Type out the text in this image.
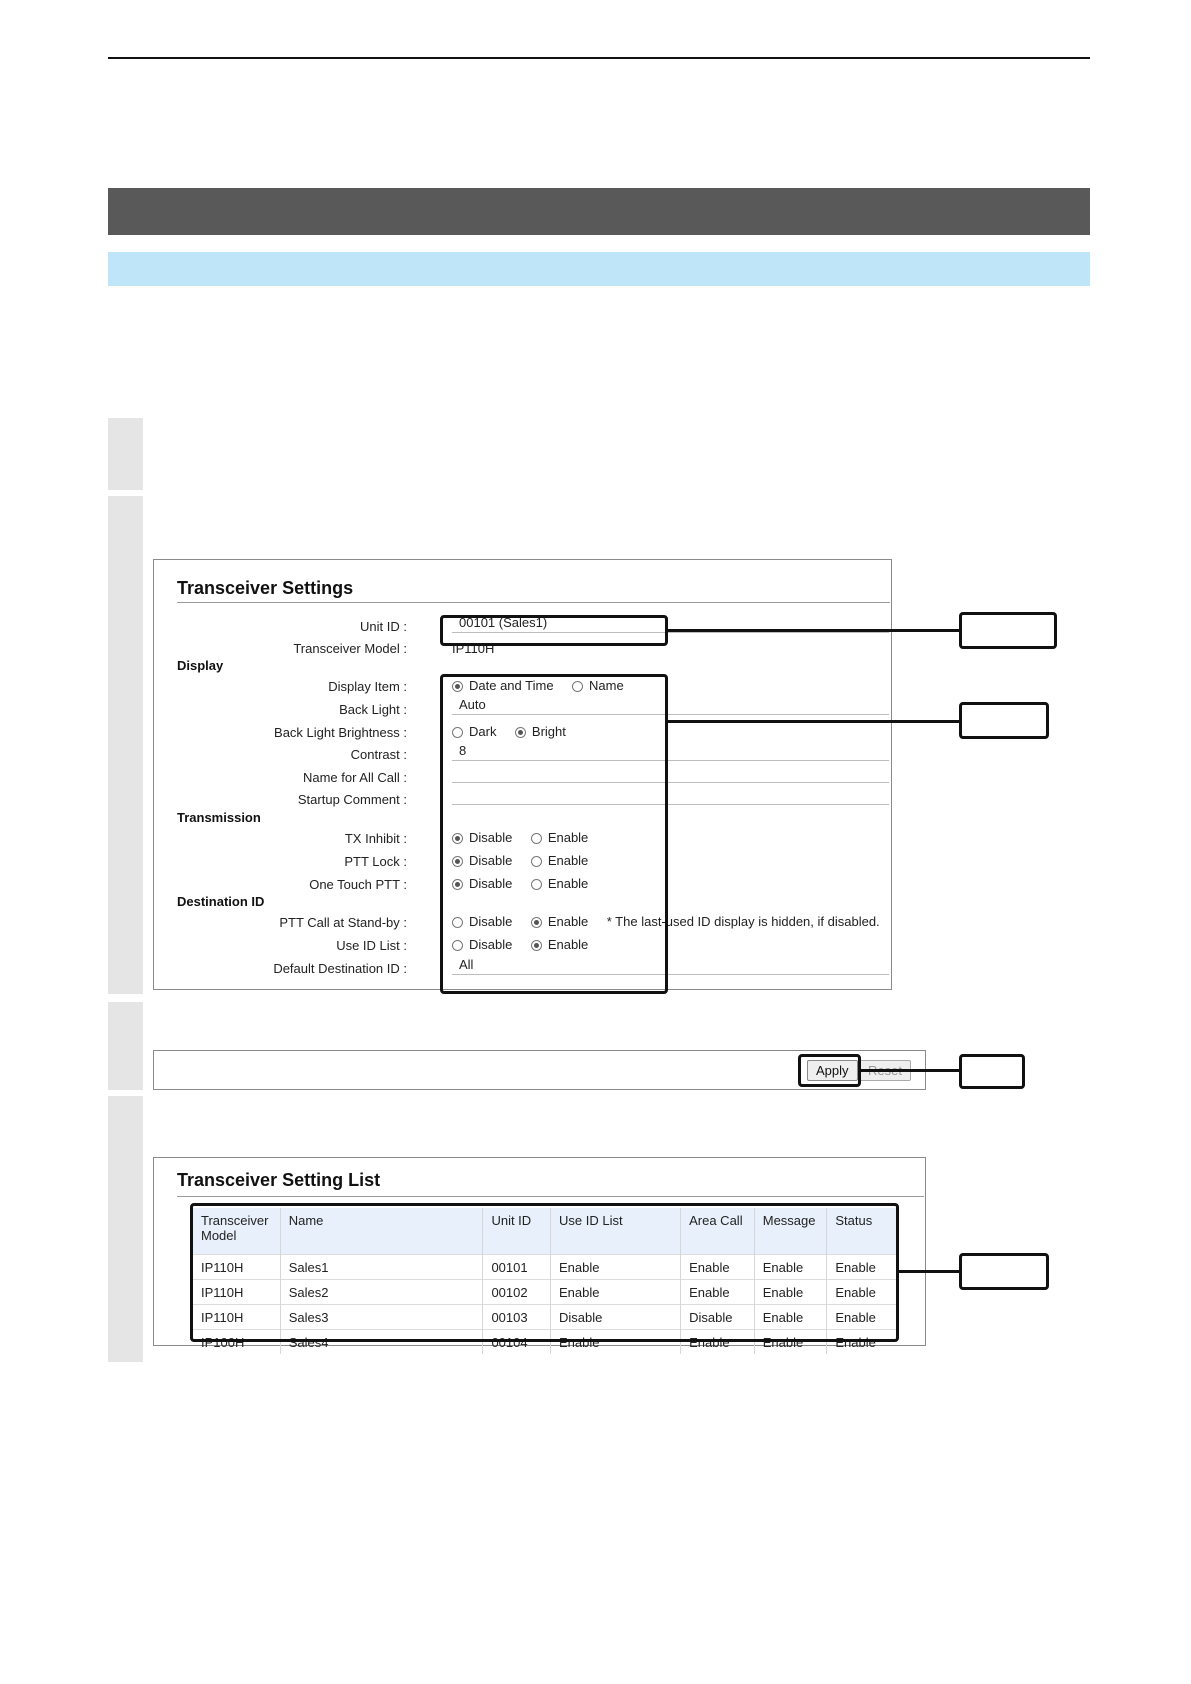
Transceiver Settings
Unit ID :	00101 (Sales1)
Transceiver Model :	IP110H
Display
Display Item :	Date and Time	Name
Back Light :	Auto
Back Light Brightness :	Dark	Bright
Contrast :	8
Name for All Call :
Startup Comment :
Transmission
TX Inhibit :	Disable	Enable
PTT Lock :	Disable	Enable
One Touch PTT :	Disable	Enable
Destination ID
PTT Call at Stand-by :	Disable	Enable * The last-used ID display is hidden, if disabled.
Use ID List :	Disable	Enable
Default Destination ID :	All
Apply
Transceiver Setting List
Transceiver Model	Name	Unit ID	Use ID List	Area Call	Message	Status
IP110H	Sales1	00101	Enable	Enable	Enable	Enable
IP110H	Sales2	00102	Enable	Enable	Enable	Enable
IP110H	Sales3	00103	Disable	Disable	Enable	Enable
IP100H	Sales4	00104	Enable	Enable	Enable	Enable
